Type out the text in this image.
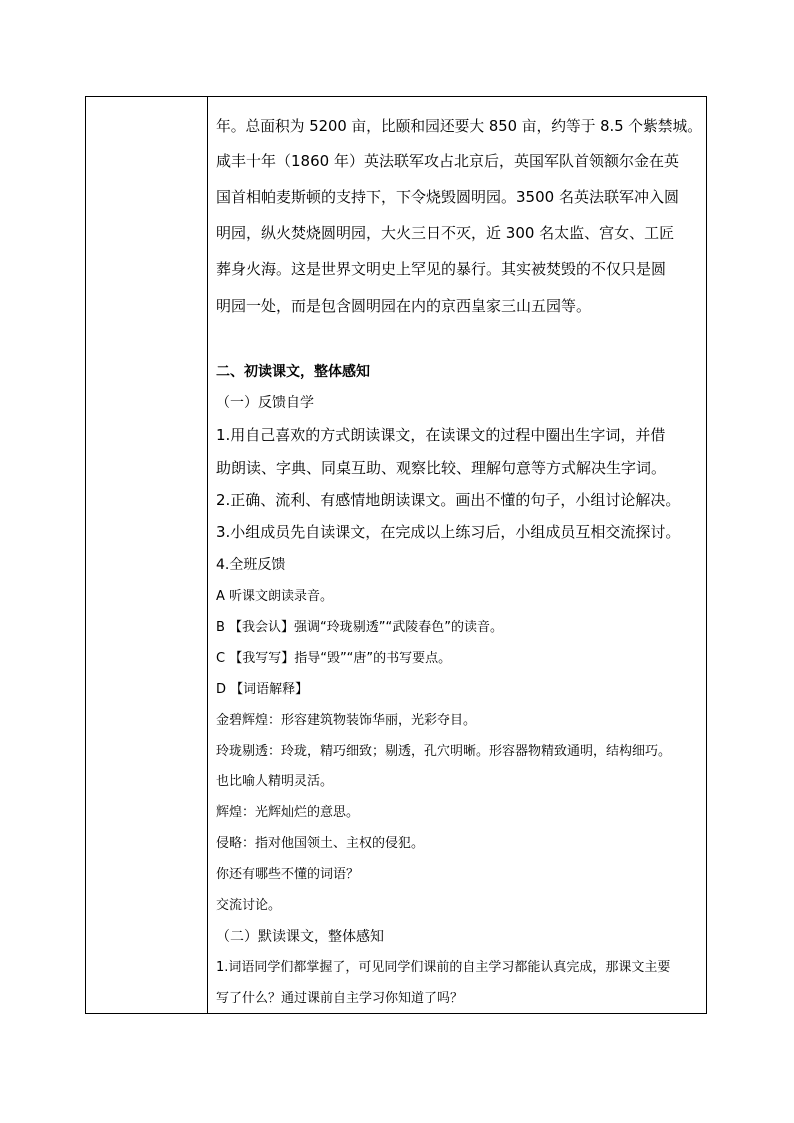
年。总面积为 5200 亩，比颐和园还要大 850 亩，约等于 8.5 个紫禁城。
咸丰十年（1860 年）英法联军攻占北京后，英国军队首领额尔金在英
国首相帕麦斯顿的支持下，下令烧毁圆明园。3500 名英法联军冲入圆
明园，纵火焚烧圆明园，大火三日不灭，近 300 名太监、宫女、工匠
葬身火海。这是世界文明史上罕见的暴行。其实被焚毁的不仅只是圆
明园一处，而是包含圆明园在内的京西皇家三山五园等。
二、初读课文，整体感知
（一）反馈自学
1.用自己喜欢的方式朗读课文，在读课文的过程中圈出生字词，并借
助朗读、字典、同桌互助、观察比较、理解句意等方式解决生字词。
2.正确、流利、有感情地朗读课文。画出不懂的句子，小组讨论解决。
3.小组成员先自读课文，在完成以上练习后，小组成员互相交流探讨。
4.全班反馈
A 听课文朗读录音。
B 【我会认】强调“玲珑剔透”“武陵春色”的读音。
C 【我写写】指导“毁”“唐”的书写要点。
D 【词语解释】
金碧辉煌：形容建筑物装饰华丽，光彩夺目。
玲珑剔透：玲珑，精巧细致；剔透，孔穴明晰。形容器物精致通明，结构细巧。
也比喻人精明灵活。
辉煌：光辉灿烂的意思。
侵略：指对他国领土、主权的侵犯。
你还有哪些不懂的词语？
交流讨论。
（二）默读课文，整体感知
1.词语同学们都掌握了，可见同学们课前的自主学习都能认真完成，那课文主要
写了什么？通过课前自主学习你知道了吗？
